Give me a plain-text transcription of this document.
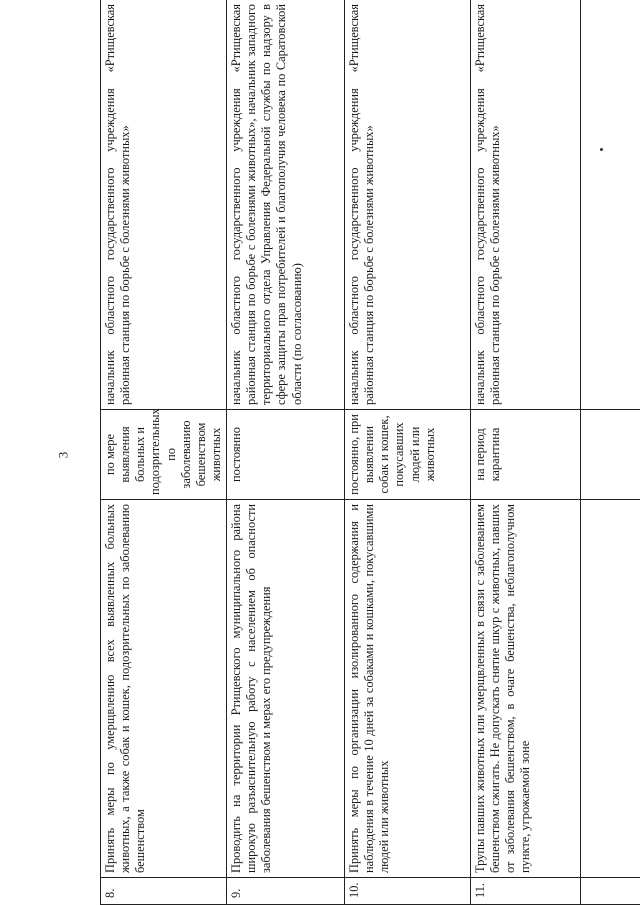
3
8.	Принять меры по умерщвлению всех выявленных больных животных, а также собак и кошек, подозрительных по заболеванию бешенством	по мере выявления больных и подозрительных по заболеванию бешенством животных	начальник областного государственного учреждения «Ртищевская районная станция по борьбе с болезнями животных»
9.	Проводить на территории Ртищевского муниципального района широкую разъяснительную работу с населением об опасности заболевания бешенством и мерах его предупреждения	постоянно	начальник областного государственного учреждения «Ртищевская районная станция по борьбе с болезнями животных», начальник западного территориального отдела Управления Федеральной службы по надзору в сфере защиты прав потребителей и благополучия человека по Саратовской области (по согласованию)
10.	Принять меры по организации изолированного содержания и наблюдения в течение 10 дней за собаками и кошками, покусавшими людей или животных	постоянно, при выявлении собак и кошек, покусавших людей или животных	начальник областного государственного учреждения «Ртищевская районная станция по борьбе с болезнями животных»
11.	Трупы павших животных или умерщвленных в связи с заболеванием бешенством сжигать. Не допускать снятие шкур с животных, павших от заболевания бешенством, в очаге бешенства, неблагополучном пункте, угрожаемой зоне	на период карантина	начальник областного государственного учреждения «Ртищевская районная станция по борьбе с болезнями животных»
